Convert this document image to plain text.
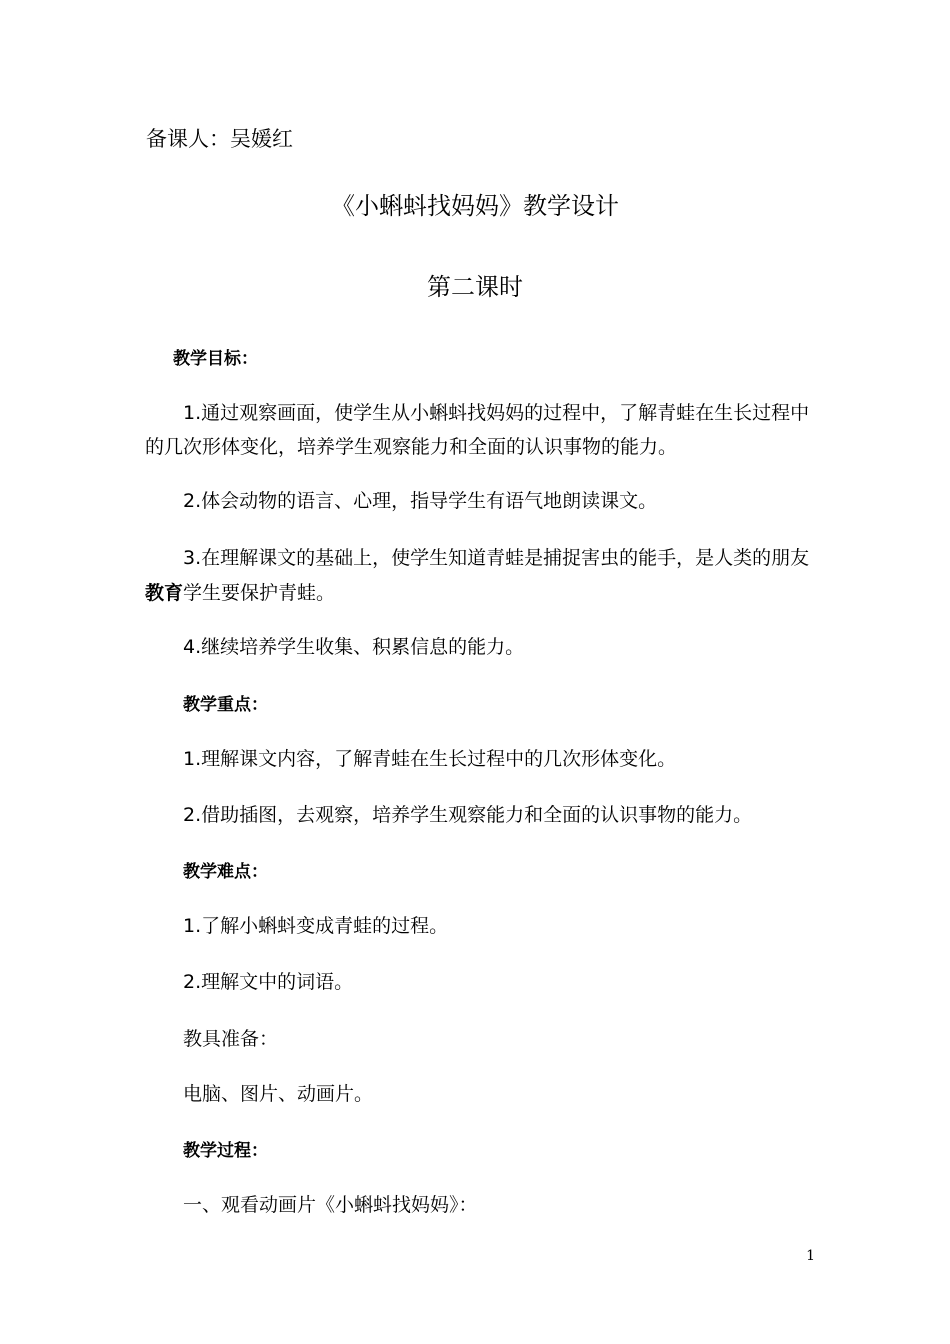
备课人：吴媛红
《小蝌蚪找妈妈》教学设计
第二课时
教学目标：
1.通过观察画面，使学生从小蝌蚪找妈妈的过程中，了解青蛙在生长过程中
的几次形体变化，培养学生观察能力和全面的认识事物的能力。
2.体会动物的语言、心理，指导学生有语气地朗读课文。
3.在理解课文的基础上，使学生知道青蛙是捕捉害虫的能手，是人类的朋友
教育学生要保护青蛙。
4.继续培养学生收集、积累信息的能力。
教学重点：
1.理解课文内容，了解青蛙在生长过程中的几次形体变化。
2.借助插图，去观察，培养学生观察能力和全面的认识事物的能力。
教学难点：
1.了解小蝌蚪变成青蛙的过程。
2.理解文中的词语。
教具准备：
电脑、图片、动画片。
教学过程：
一、观看动画片《小蝌蚪找妈妈》：
1
